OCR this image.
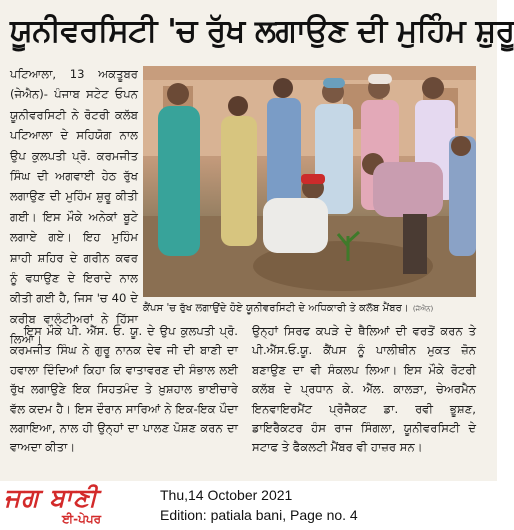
ਯੂਨੀਵਰਸਿਟੀ 'ਚ ਰੁੱਖ ਲਗਾਉਣ ਦੀ ਮੁਹਿੰਮ ਸ਼ੁਰੂ
ਪਟਿਆਲਾ, 13 ਅਕਤੂਬਰ (ਜੇਐਨ)- ਪੰਜਾਬ ਸਟੇਟ ਓਪਨ ਯੂਨੀਵਰਸਿਟੀ ਨੇ ਰੋਟਰੀ ਕਲੱਬ ਪਟਿਆਲਾ ਦੇ ਸਹਿਯੋਗ ਨਾਲ ਉਪ ਕੁਲਪਤੀ ਪ੍ਰੋ. ਕਰਮਜੀਤ ਸਿੰਘ ਦੀ ਅਗਵਾਈ ਹੇਠ ਰੁੱਖ ਲਗਾਉਣ ਦੀ ਮੁਹਿੰਮ ਸ਼ੁਰੂ ਕੀਤੀ ਗਈ। ਇਸ ਮੌਕੇ ਅਨੇਕਾਂ ਬੂਟੇ ਲਗਾਏ ਗਏ। ਇਹ ਮੁਹਿੰਮ ਸ਼ਾਹੀ ਸ਼ਹਿਰ ਦੇ ਗਰੀਨ ਕਵਰ ਨੂੰ ਵਧਾਉਣ ਦੇ ਇਰਾਦੇ ਨਾਲ ਕੀਤੀ ਗਈ ਹੈ, ਜਿਸ 'ਚ 40 ਦੇ ਕਰੀਬ ਵਾਲੰਟੀਅਰਾਂ ਨੇ ਹਿੱਸਾ ਲਿਆ।
ਕੈਂਪਸ 'ਚ ਰੁੱਖ ਲਗਾਉਂਦੇ ਹੋਏ ਯੂਨੀਵਰਸਿਟੀ ਦੇ ਅਧਿਕਾਰੀ ਤੇ ਕਲੱਬ ਮੈਂਬਰ। (ਜੇਐਨ)
ਇਸ ਮੌਕੇ ਪੀ. ਐੱਸ. ਓ. ਯੂ. ਦੇ ਉਪ ਕੁਲਪਤੀ ਪ੍ਰੋ. ਕਰਮਜੀਤ ਸਿੰਘ ਨੇ ਗੁਰੂ ਨਾਨਕ ਦੇਵ ਜੀ ਦੀ ਬਾਣੀ ਦਾ ਹਵਾਲਾ ਦਿੰਦਿਆਂ ਕਿਹਾ ਕਿ ਵਾਤਾਵਰਣ ਦੀ ਸੰਭਾਲ ਲਈ ਰੁੱਖ ਲਗਾਉਣੇ ਇਕ ਸਿਹਤਮੰਦ ਤੇ ਖ਼ੁਸ਼ਹਾਲ ਭਾਈਚਾਰੇ ਵੱਲ ਕਦਮ ਹੈ। ਇਸ ਦੌਰਾਨ ਸਾਰਿਆਂ ਨੇ ਇਕ-ਇਕ ਪੌਦਾ ਲਗਾਇਆ, ਨਾਲ ਹੀ ਉਨ੍ਹਾਂ ਦਾ ਪਾਲਣ ਪੋਸ਼ਣ ਕਰਨ ਦਾ ਵਾਅਦਾ ਕੀਤਾ।
ਉਨ੍ਹਾਂ ਸਿਰਫ ਕਪੜੇ ਦੇ ਥੈਲਿਆਂ ਦੀ ਵਰਤੋਂ ਕਰਨ ਤੇ ਪੀ.ਐੱਸ.ਓ.ਯੂ. ਕੈਂਪਸ ਨੂੰ ਪਾਲੀਥੀਨ ਮੁਕਤ ਜ਼ੋਨ ਬਣਾਉਣ ਦਾ ਵੀ ਸੰਕਲਪ ਲਿਆ। ਇਸ ਮੌਕੇ ਰੋਟਰੀ ਕਲੱਬ ਦੇ ਪ੍ਰਧਾਨ ਕੇ. ਐੱਲ. ਕਾਲੜਾ, ਚੇਅਰਮੈਨ ਇਨਵਾਇਰਮੈਂਟ ਪ੍ਰੋਜੈਕਟ ਡਾ. ਰਵੀ ਭੂਸ਼ਣ, ਡਾਇਰੈਕਟਰ ਹੰਸ ਰਾਜ ਸਿੰਗਲਾ, ਯੂਨੀਵਰਸਿਟੀ ਦੇ ਸਟਾਫ ਤੇ ਫੈਕਲਟੀ ਮੈਂਬਰ ਵੀ ਹਾਜ਼ਰ ਸਨ।
ਜਗ ਬਾਣੀ
ਈ-ਪੇਪਰ
Thu,14 October 2021
Edition: patiala bani, Page no. 4
